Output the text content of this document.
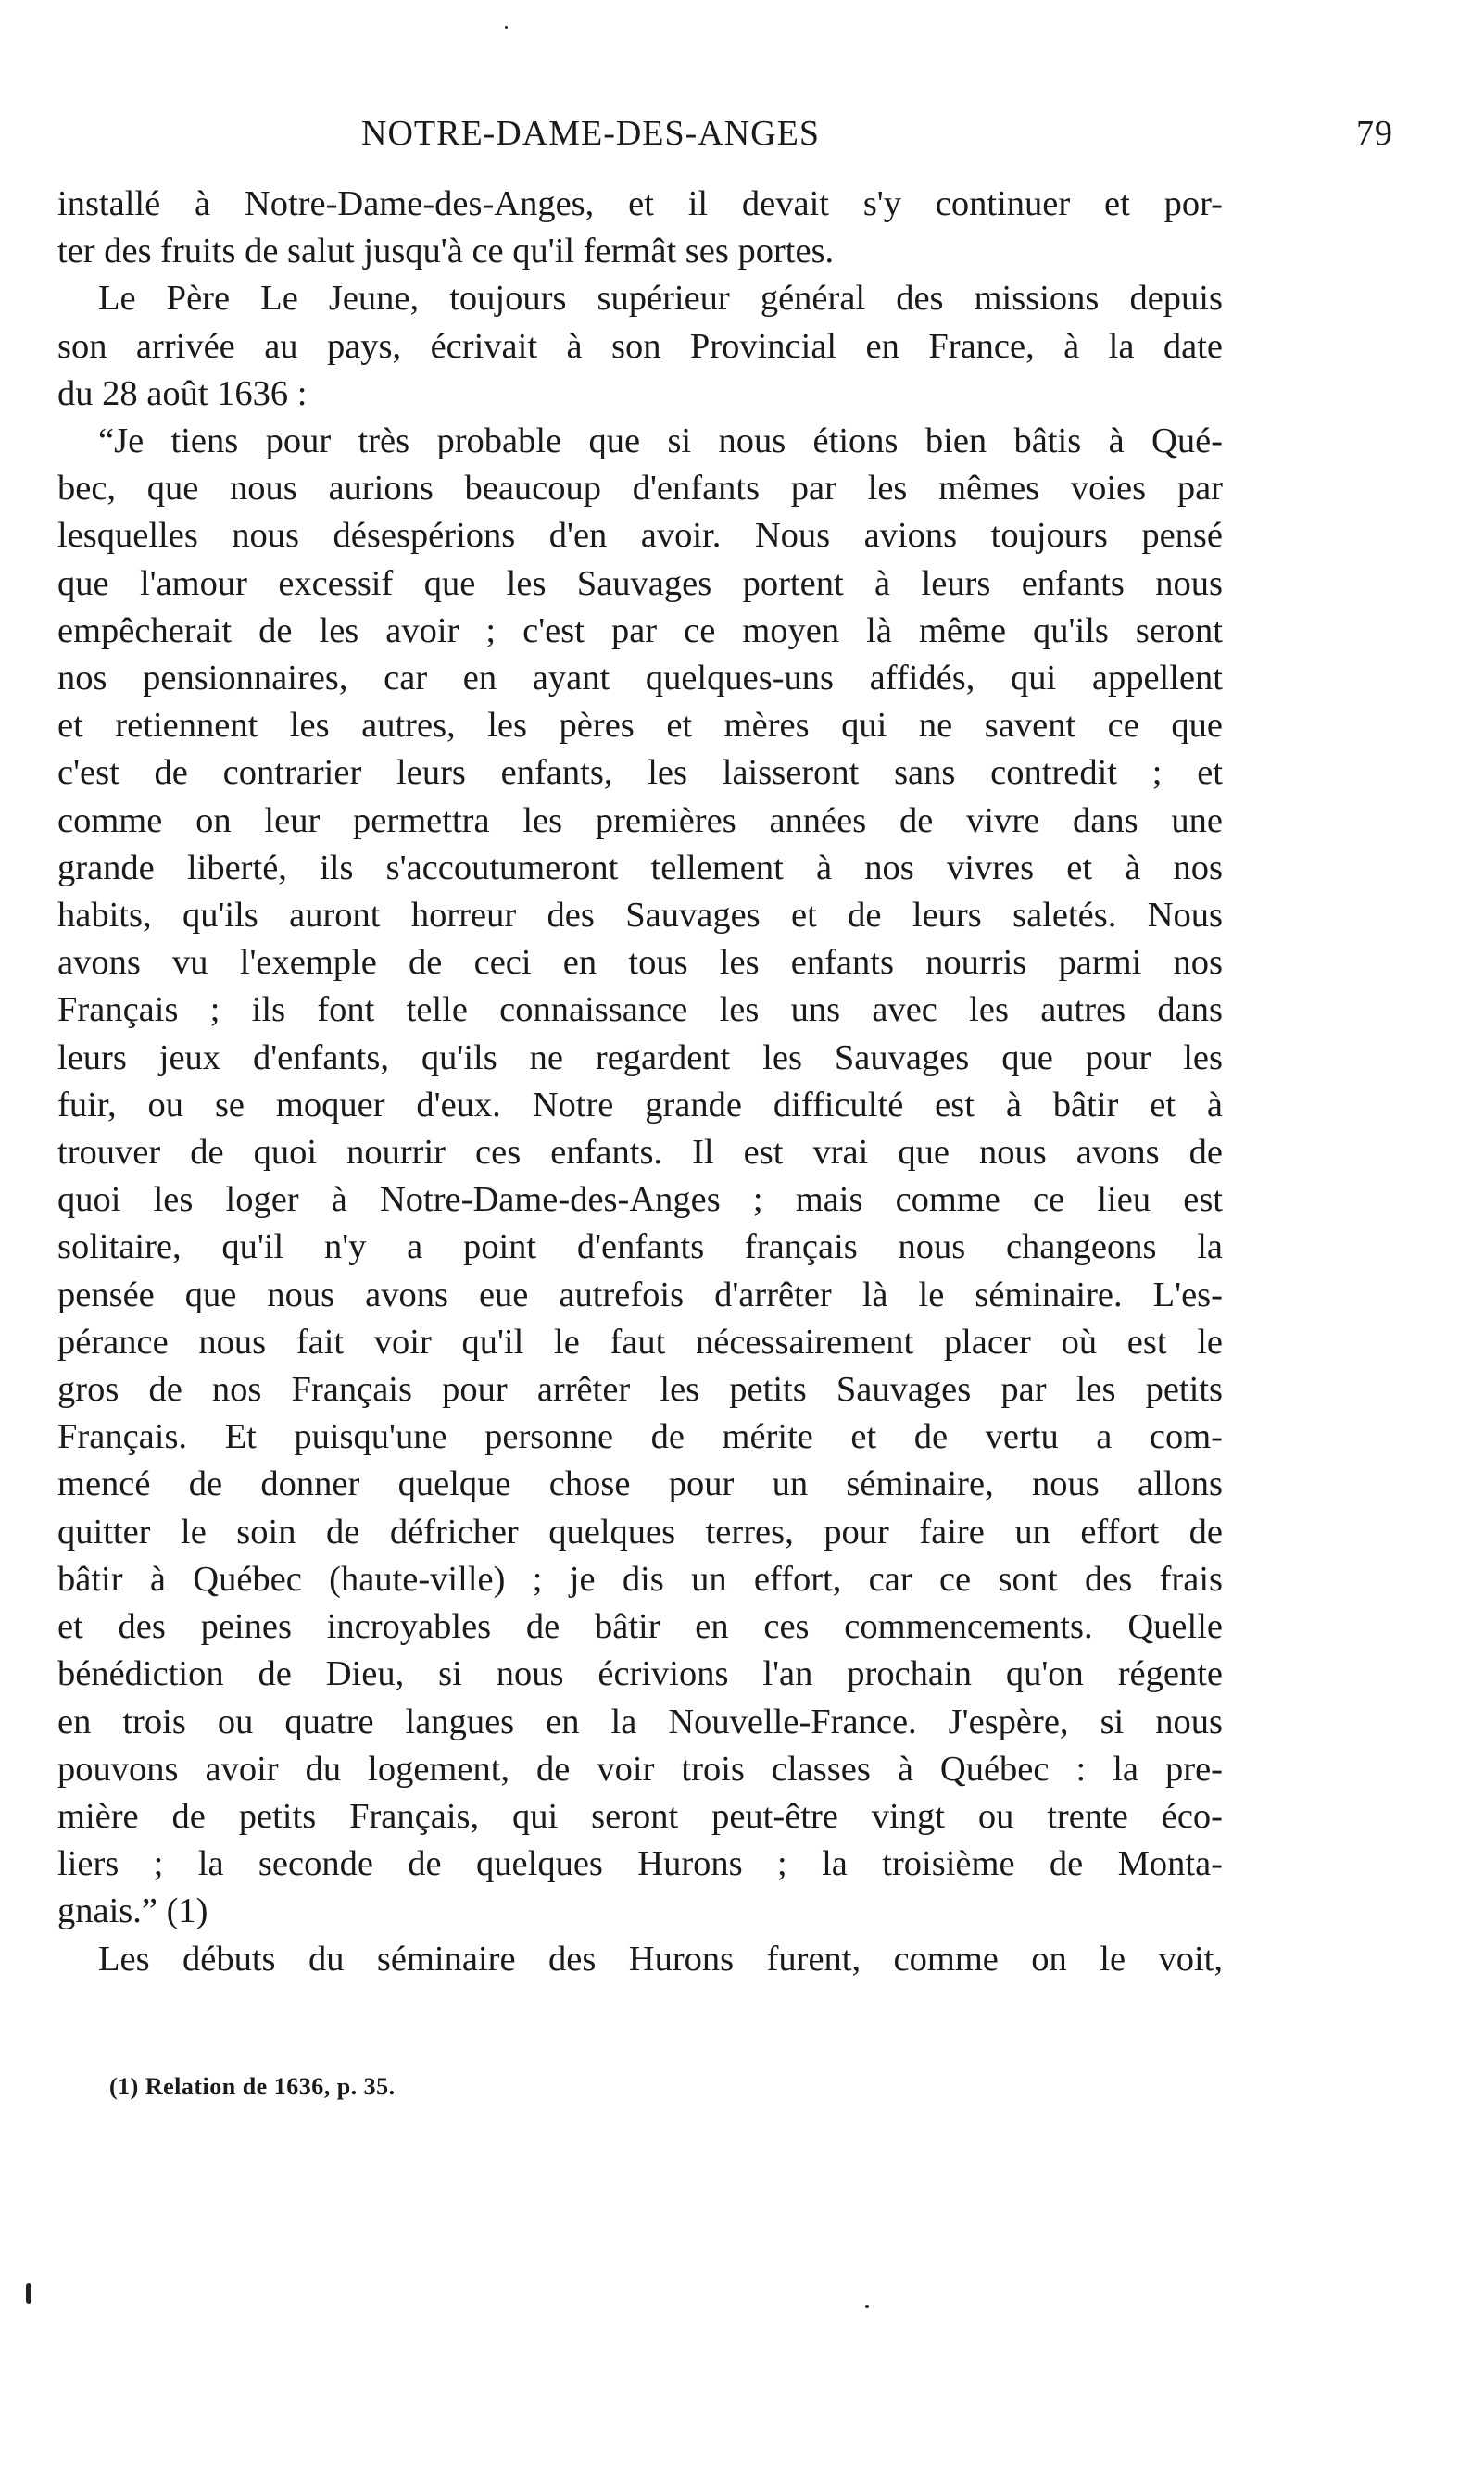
NOTRE-DAME-DES-ANGES	79
installé à Notre-Dame-des-Anges, et il devait s'y continuer et por-
ter des fruits de salut jusqu'à ce qu'il fermât ses portes.
Le Père Le Jeune, toujours supérieur général des missions depuis
son arrivée au pays, écrivait à son Provincial en France, à la date
du 28 août 1636 :
“Je tiens pour très probable que si nous étions bien bâtis à Qué-
bec, que nous aurions beaucoup d'enfants par les mêmes voies par
lesquelles nous désespérions d'en avoir. Nous avions toujours pensé
que l'amour excessif que les Sauvages portent à leurs enfants nous
empêcherait de les avoir ; c'est par ce moyen là même qu'ils seront
nos pensionnaires, car en ayant quelques-uns affidés, qui appellent
et retiennent les autres, les pères et mères qui ne savent ce que
c'est de contrarier leurs enfants, les laisseront sans contredit ; et
comme on leur permettra les premières années de vivre dans une
grande liberté, ils s'accoutumeront tellement à nos vivres et à nos
habits, qu'ils auront horreur des Sauvages et de leurs saletés. Nous
avons vu l'exemple de ceci en tous les enfants nourris parmi nos
Français ; ils font telle connaissance les uns avec les autres dans
leurs jeux d'enfants, qu'ils ne regardent les Sauvages que pour les
fuir, ou se moquer d'eux. Notre grande difficulté est à bâtir et à
trouver de quoi nourrir ces enfants. Il est vrai que nous avons de
quoi les loger à Notre-Dame-des-Anges ; mais comme ce lieu est
solitaire, qu'il n'y a point d'enfants français nous changeons la
pensée que nous avons eue autrefois d'arrêter là le séminaire. L'es-
pérance nous fait voir qu'il le faut nécessairement placer où est le
gros de nos Français pour arrêter les petits Sauvages par les petits
Français. Et puisqu'une personne de mérite et de vertu a com-
mencé de donner quelque chose pour un séminaire, nous allons
quitter le soin de défricher quelques terres, pour faire un effort de
bâtir à Québec (haute-ville) ; je dis un effort, car ce sont des frais
et des peines incroyables de bâtir en ces commencements. Quelle
bénédiction de Dieu, si nous écrivions l'an prochain qu'on régente
en trois ou quatre langues en la Nouvelle-France. J'espère, si nous
pouvons avoir du logement, de voir trois classes à Québec : la pre-
mière de petits Français, qui seront peut-être vingt ou trente éco-
liers ; la seconde de quelques Hurons ; la troisième de Monta-
gnais.” (1)
Les débuts du séminaire des Hurons furent, comme on le voit,
(1) Relation de 1636, p. 35.
